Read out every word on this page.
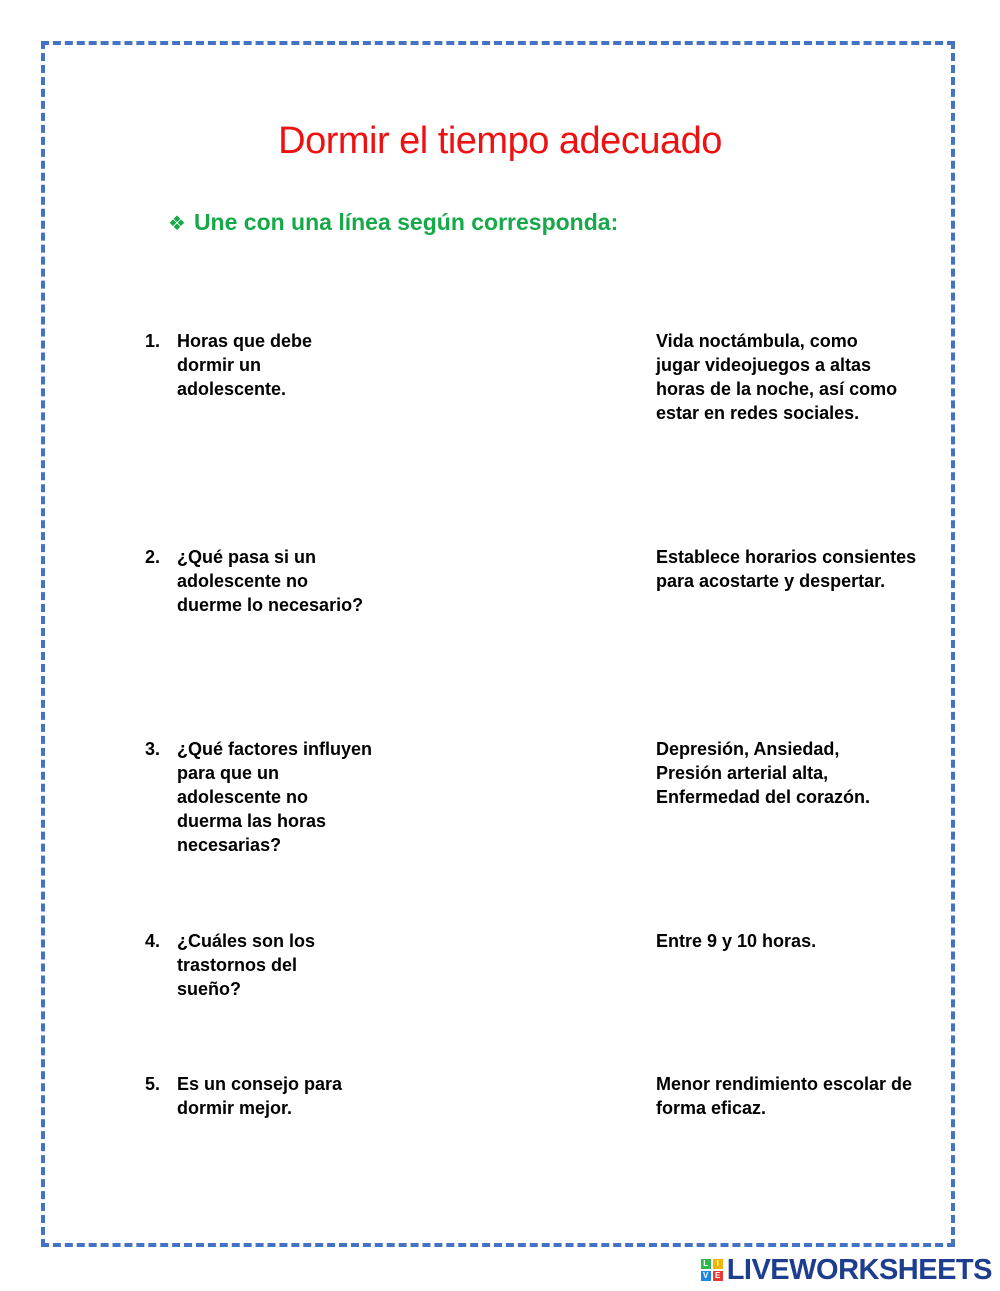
Dormir el tiempo adecuado
❖ Une con una línea según corresponda:
1. Horas que debe dormir un adolescente.
2. ¿Qué pasa si un adolescente no duerme lo necesario?
3. ¿Qué factores influyen para que un adolescente no duerma las horas necesarias?
4. ¿Cuáles son los trastornos del sueño?
5. Es un consejo para dormir mejor.
Vida noctámbula, como jugar videojuegos a altas horas de la noche, así como estar en redes sociales.
Establece horarios consientes para acostarte y despertar.
Depresión, Ansiedad, Presión arterial alta, Enfermedad del corazón.
Entre 9 y 10 horas.
Menor rendimiento escolar de forma eficaz.
L	I
V E LIVEWORKSHEETS
